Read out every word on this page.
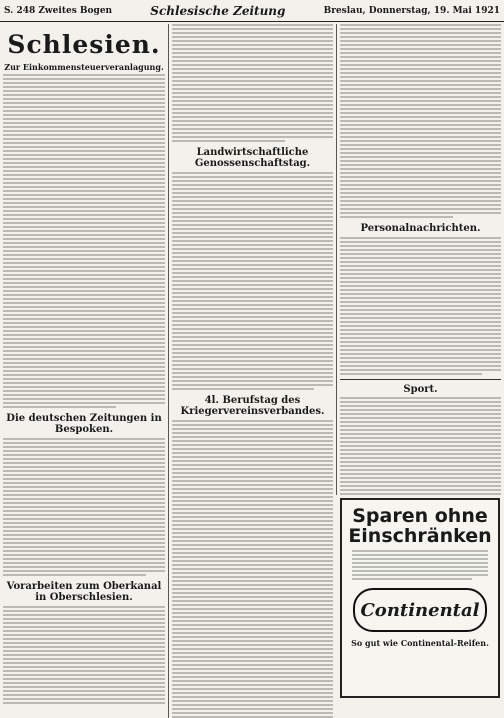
S. 248 Zweites Bogen	Schlesische Zeitung	Breslau, Donnerstag, 19. Mai 1921
Schlesien.
Zur Einkommensteuerveranlagung.
Die deutschen Zeitungen in Bespoken.
Vorarbeiten zum Oberkanal in Oberschlesien.
Landwirtschaftliche Genossenschaftstag.
4l. Berufstag des Kriegervereinsverbandes.
Personalnachrichten.
Sport.
Sparen ohne Einschränken
Continental
So gut wie Continental-Reifen.
